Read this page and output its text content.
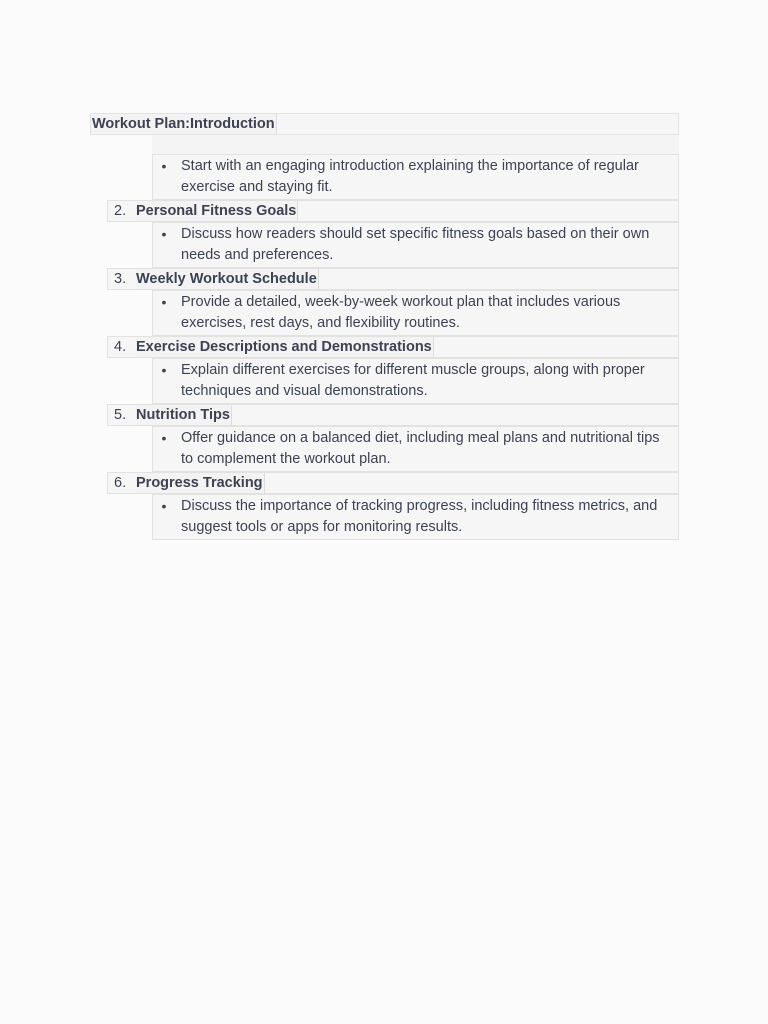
Workout Plan:Introduction
• Start with an engaging introduction explaining the importance of regular exercise and staying fit.
2. Personal Fitness Goals
• Discuss how readers should set specific fitness goals based on their own needs and preferences.
3. Weekly Workout Schedule
• Provide a detailed, week-by-week workout plan that includes various exercises, rest days, and flexibility routines.
4. Exercise Descriptions and Demonstrations
• Explain different exercises for different muscle groups, along with proper techniques and visual demonstrations.
5. Nutrition Tips
• Offer guidance on a balanced diet, including meal plans and nutritional tips to complement the workout plan.
6. Progress Tracking
• Discuss the importance of tracking progress, including fitness metrics, and suggest tools or apps for monitoring results.
